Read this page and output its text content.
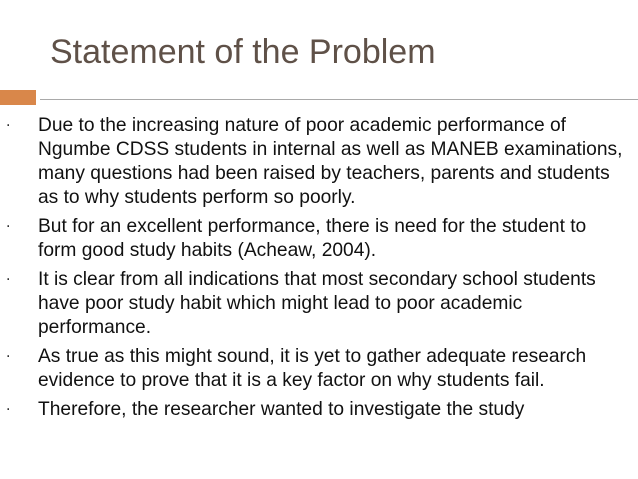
Statement of the Problem
· Due to the increasing nature of poor academic performance of Ngumbe CDSS students in internal as well as MANEB examinations, many questions had been raised by teachers, parents and students as to why students perform so poorly.
· But for an excellent performance, there is need for the student to form good study habits (Acheaw, 2004).
· It is clear from all indications that most secondary school students have poor study habit which might lead to poor academic performance.
· As true as this might sound, it is yet to gather adequate research evidence to prove that it is a key factor on why students fail.
· Therefore, the researcher wanted to investigate the study
